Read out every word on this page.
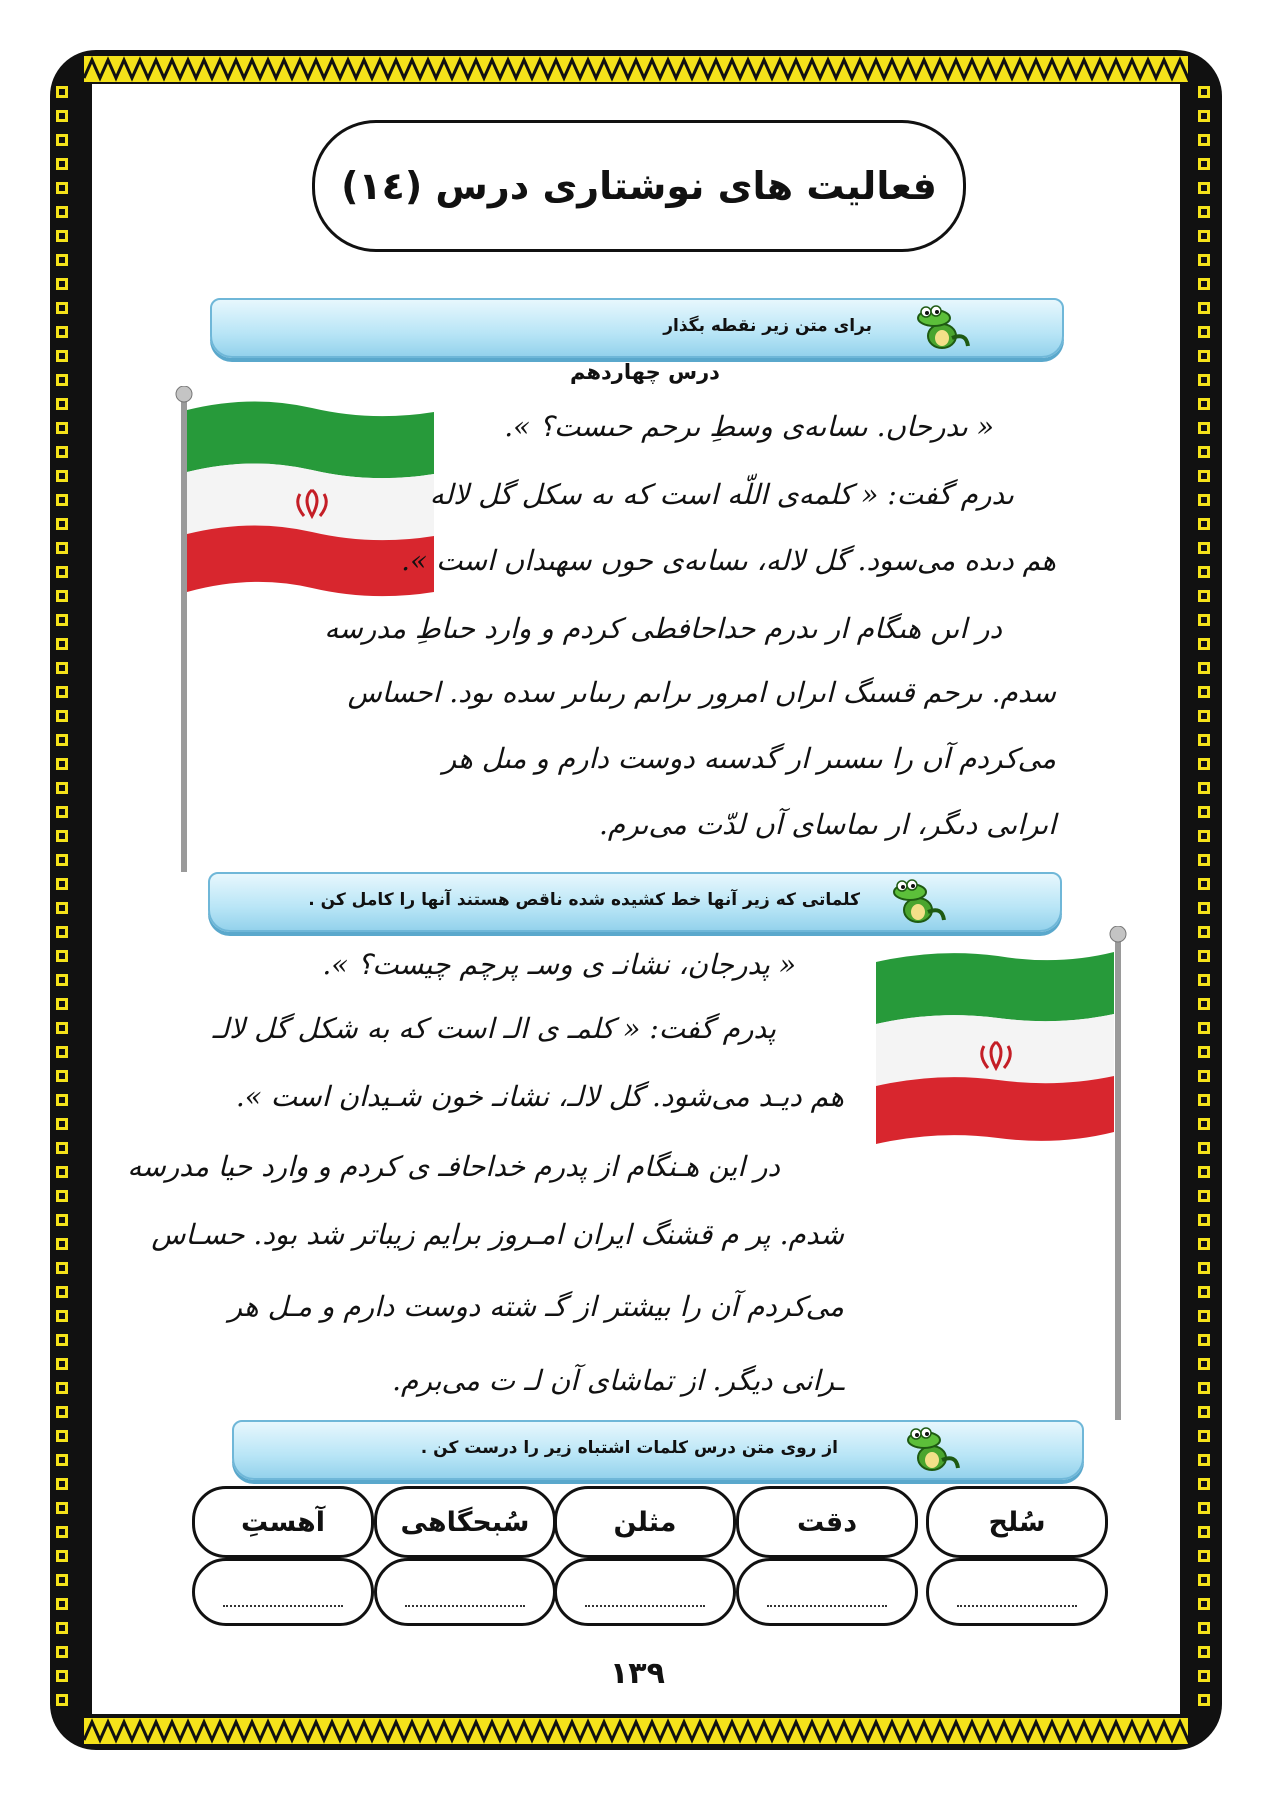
فعالیت های نوشتاری درس (۱٤)
برای متن زیر نقطه بگذار
درس چهاردهم
« ىدرحاں. ىساىه‌ى وسطِ ىرحم حىست؟ ».
ىدرم گفت: « کلمه‌ى اللّه است که ىه سکل گل لاله
هم دىده مى‌سود. گل لاله، ىساىه‌ى حوں سهىداں است ».
در اىں هىگام ار ىدرم حداحافطى کردم و وارد حىاطِ مدرسه
سدم. ىرحم قسىگ اىراں امرور ىراىم رىىاىر سده ىود. احساس
مى‌کردم آں را ىىسىر ار گدسىه دوست دارم و مىل هر
اىراىى دىگر، ار ىماساى آں لدّت مى‌ىرم.
کلماتی که زیر آنها خط کشیده شده ناقص هستند آنها را کامل کن .
« پدرجان، نشانـ ی وسـ پرچم چیست؟ ».
پدرم گفت: « کلمـ ی الـ است که به شکل گل لالـ
هم دیـد می‌شود. گل لالـ، نشانـ خون شـیدان است ».
در این هـنگام از پدرم خداحافـ ی کردم و وارد حیا مدرسه
شدم. پر م قشنگ ایران امـروز برایم زیباتر شد بود. حسـاس
می‌کردم آن را بیشتر از گـ شته دوست دارم و مـل هر
ـرانی دیگر. از تماشای آن لـ ت می‌برم.
از روی متن درس کلمات اشتباه زیر را درست کن .
سُلح
دقت
مثلن
سُبحگاهی
آهستِ
۱۳۹
